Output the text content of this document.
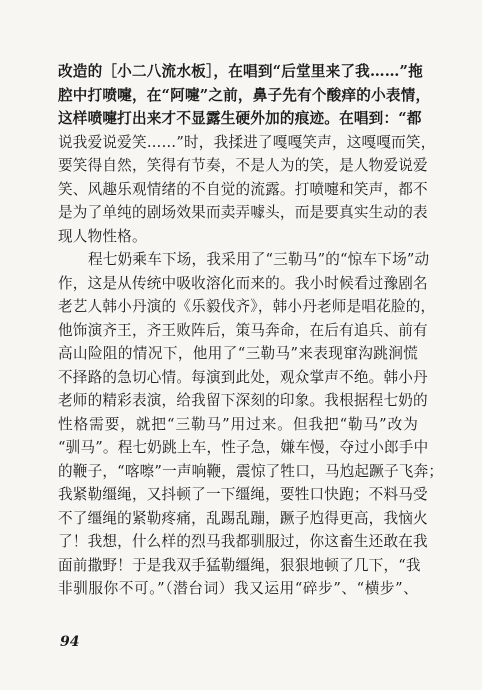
改造的［小二八流水板］，在唱到“后堂里来了我……”拖
腔中打喷嚏，在“阿嚏”之前，鼻子先有个酸痒的小表情，
这样喷嚏打出来才不显露生硬外加的痕迹。在唱到：“都
说我爱说爱笑……”时，我揉进了嘎嘎笑声，这嘎嘎而笑，
要笑得自然，笑得有节奏，不是人为的笑，是人物爱说爱
笑、风趣乐观情绪的不自觉的流露。打喷嚏和笑声，都不
是为了单纯的剧场效果而卖弄噱头，而是要真实生动的表
现人物性格。
程七奶乘车下场，我采用了“三勒马”的“惊车下场”动
作，这是从传统中吸收溶化而来的。我小时候看过豫剧名
老艺人韩小丹演的《乐毅伐齐》，韩小丹老师是唱花脸的，
他饰演齐王，齐王败阵后，策马奔命，在后有追兵、前有
高山险阻的情况下，他用了“三勒马”来表现窜沟跳涧慌
不择路的急切心情。每演到此处，观众掌声不绝。韩小丹
老师的精彩表演，给我留下深刻的印象。我根据程七奶的
性格需要，就把“三勒马”用过来。但我把“勒马”改为
“驯马”。程七奶跳上车，性子急，嫌车慢，夺过小郎手中
的鞭子，“喀嚓”一声响鞭，震惊了牲口，马尥起蹶子飞奔；
我紧勒缰绳，又抖顿了一下缰绳，要牲口快跑；不料马受
不了缰绳的紧勒疼痛，乱踢乱蹦，蹶子尥得更高，我恼火
了！我想，什么样的烈马我都驯服过，你这畜生还敢在我
面前撒野！于是我双手猛勒缰绳，狠狠地顿了几下，“我
非驯服你不可。”（潜台词）我又运用“碎步”、“横步”、
94
